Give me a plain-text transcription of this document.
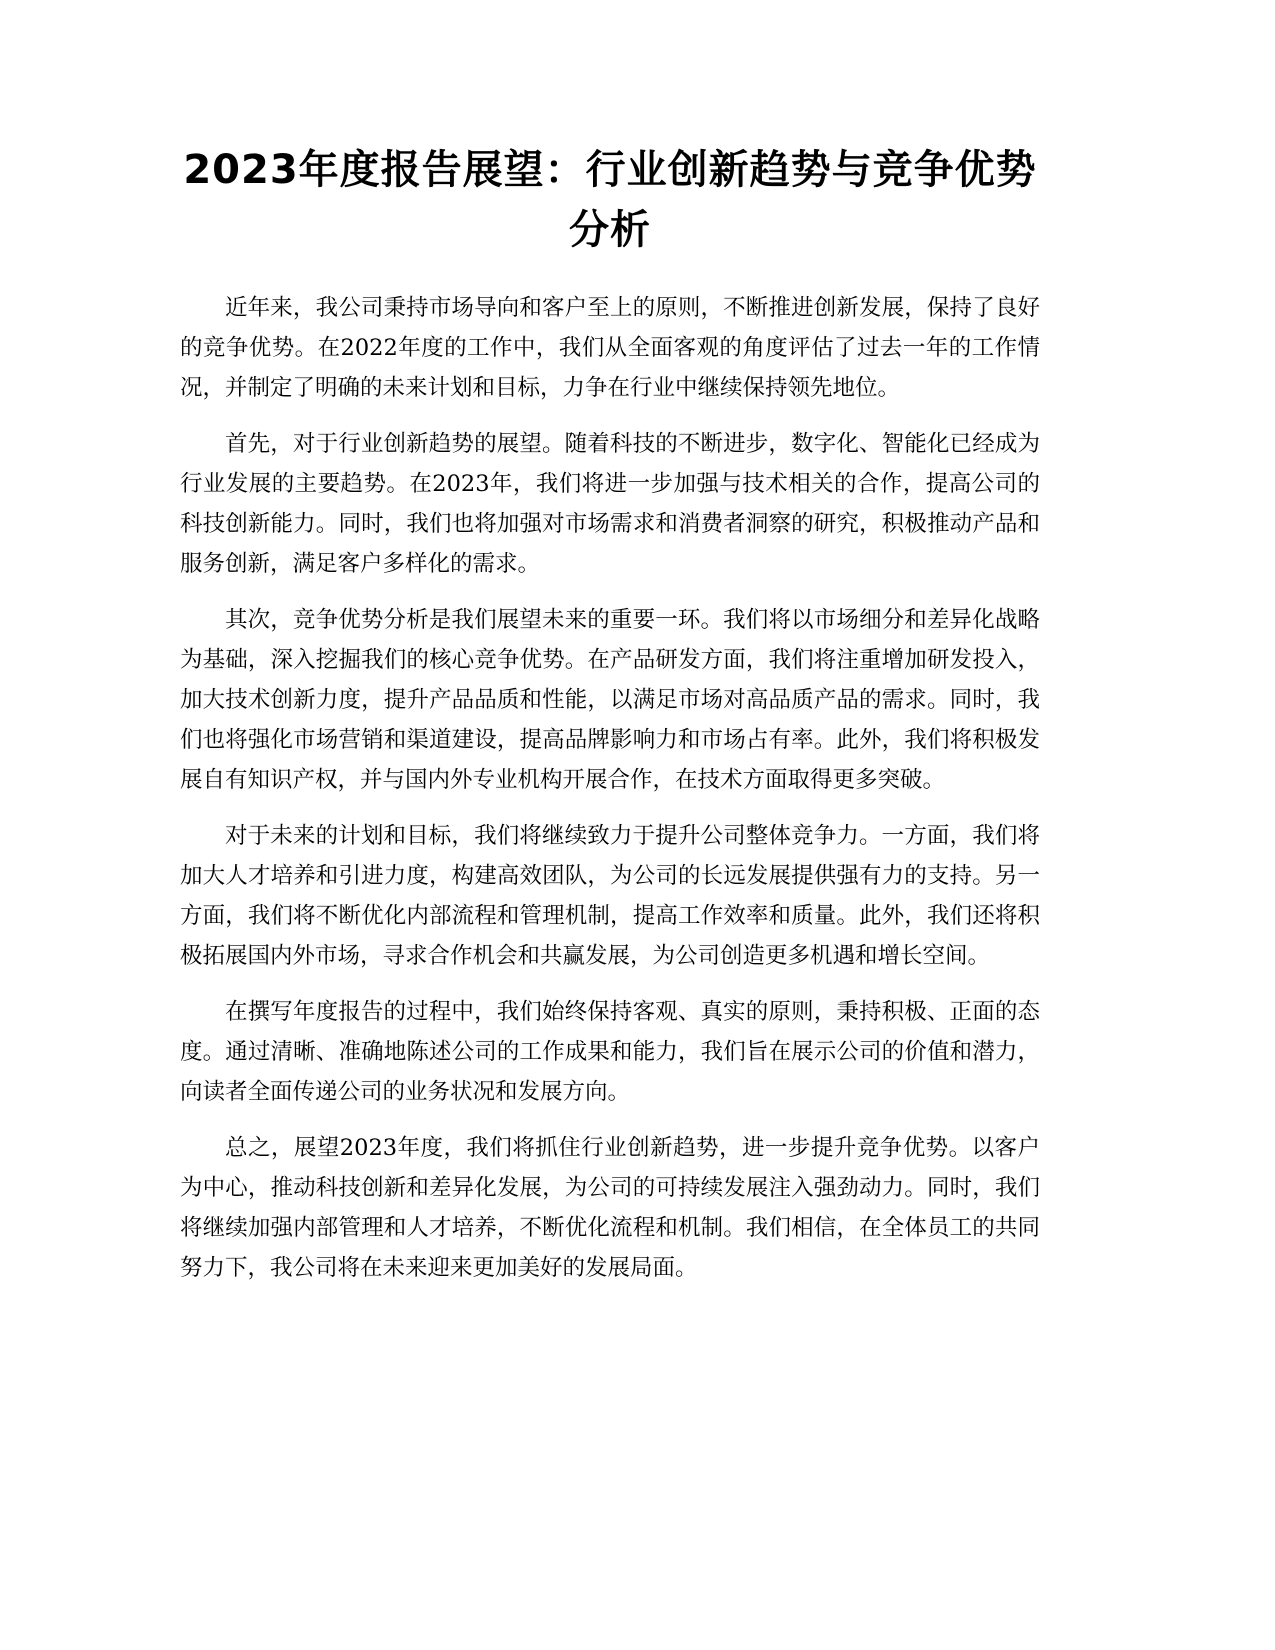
2023年度报告展望：行业创新趋势与竞争优势分析

近年来，我公司秉持市场导向和客户至上的原则，不断推进创新发展，保持了良好的竞争优势。在2022年度的工作中，我们从全面客观的角度评估了过去一年的工作情况，并制定了明确的未来计划和目标，力争在行业中继续保持领先地位。

首先，对于行业创新趋势的展望。随着科技的不断进步，数字化、智能化已经成为行业发展的主要趋势。在2023年，我们将进一步加强与技术相关的合作，提高公司的科技创新能力。同时，我们也将加强对市场需求和消费者洞察的研究，积极推动产品和服务创新，满足客户多样化的需求。

其次，竞争优势分析是我们展望未来的重要一环。我们将以市场细分和差异化战略为基础，深入挖掘我们的核心竞争优势。在产品研发方面，我们将注重增加研发投入，加大技术创新力度，提升产品品质和性能，以满足市场对高品质产品的需求。同时，我们也将强化市场营销和渠道建设，提高品牌影响力和市场占有率。此外，我们将积极发展自有知识产权，并与国内外专业机构开展合作，在技术方面取得更多突破。

对于未来的计划和目标，我们将继续致力于提升公司整体竞争力。一方面，我们将加大人才培养和引进力度，构建高效团队，为公司的长远发展提供强有力的支持。另一方面，我们将不断优化内部流程和管理机制，提高工作效率和质量。此外，我们还将积极拓展国内外市场，寻求合作机会和共赢发展，为公司创造更多机遇和增长空间。

在撰写年度报告的过程中，我们始终保持客观、真实的原则，秉持积极、正面的态度。通过清晰、准确地陈述公司的工作成果和能力，我们旨在展示公司的价值和潜力，向读者全面传递公司的业务状况和发展方向。

总之，展望2023年度，我们将抓住行业创新趋势，进一步提升竞争优势。以客户为中心，推动科技创新和差异化发展，为公司的可持续发展注入强劲动力。同时，我们将继续加强内部管理和人才培养，不断优化流程和机制。我们相信，在全体员工的共同努力下，我公司将在未来迎来更加美好的发展局面。
